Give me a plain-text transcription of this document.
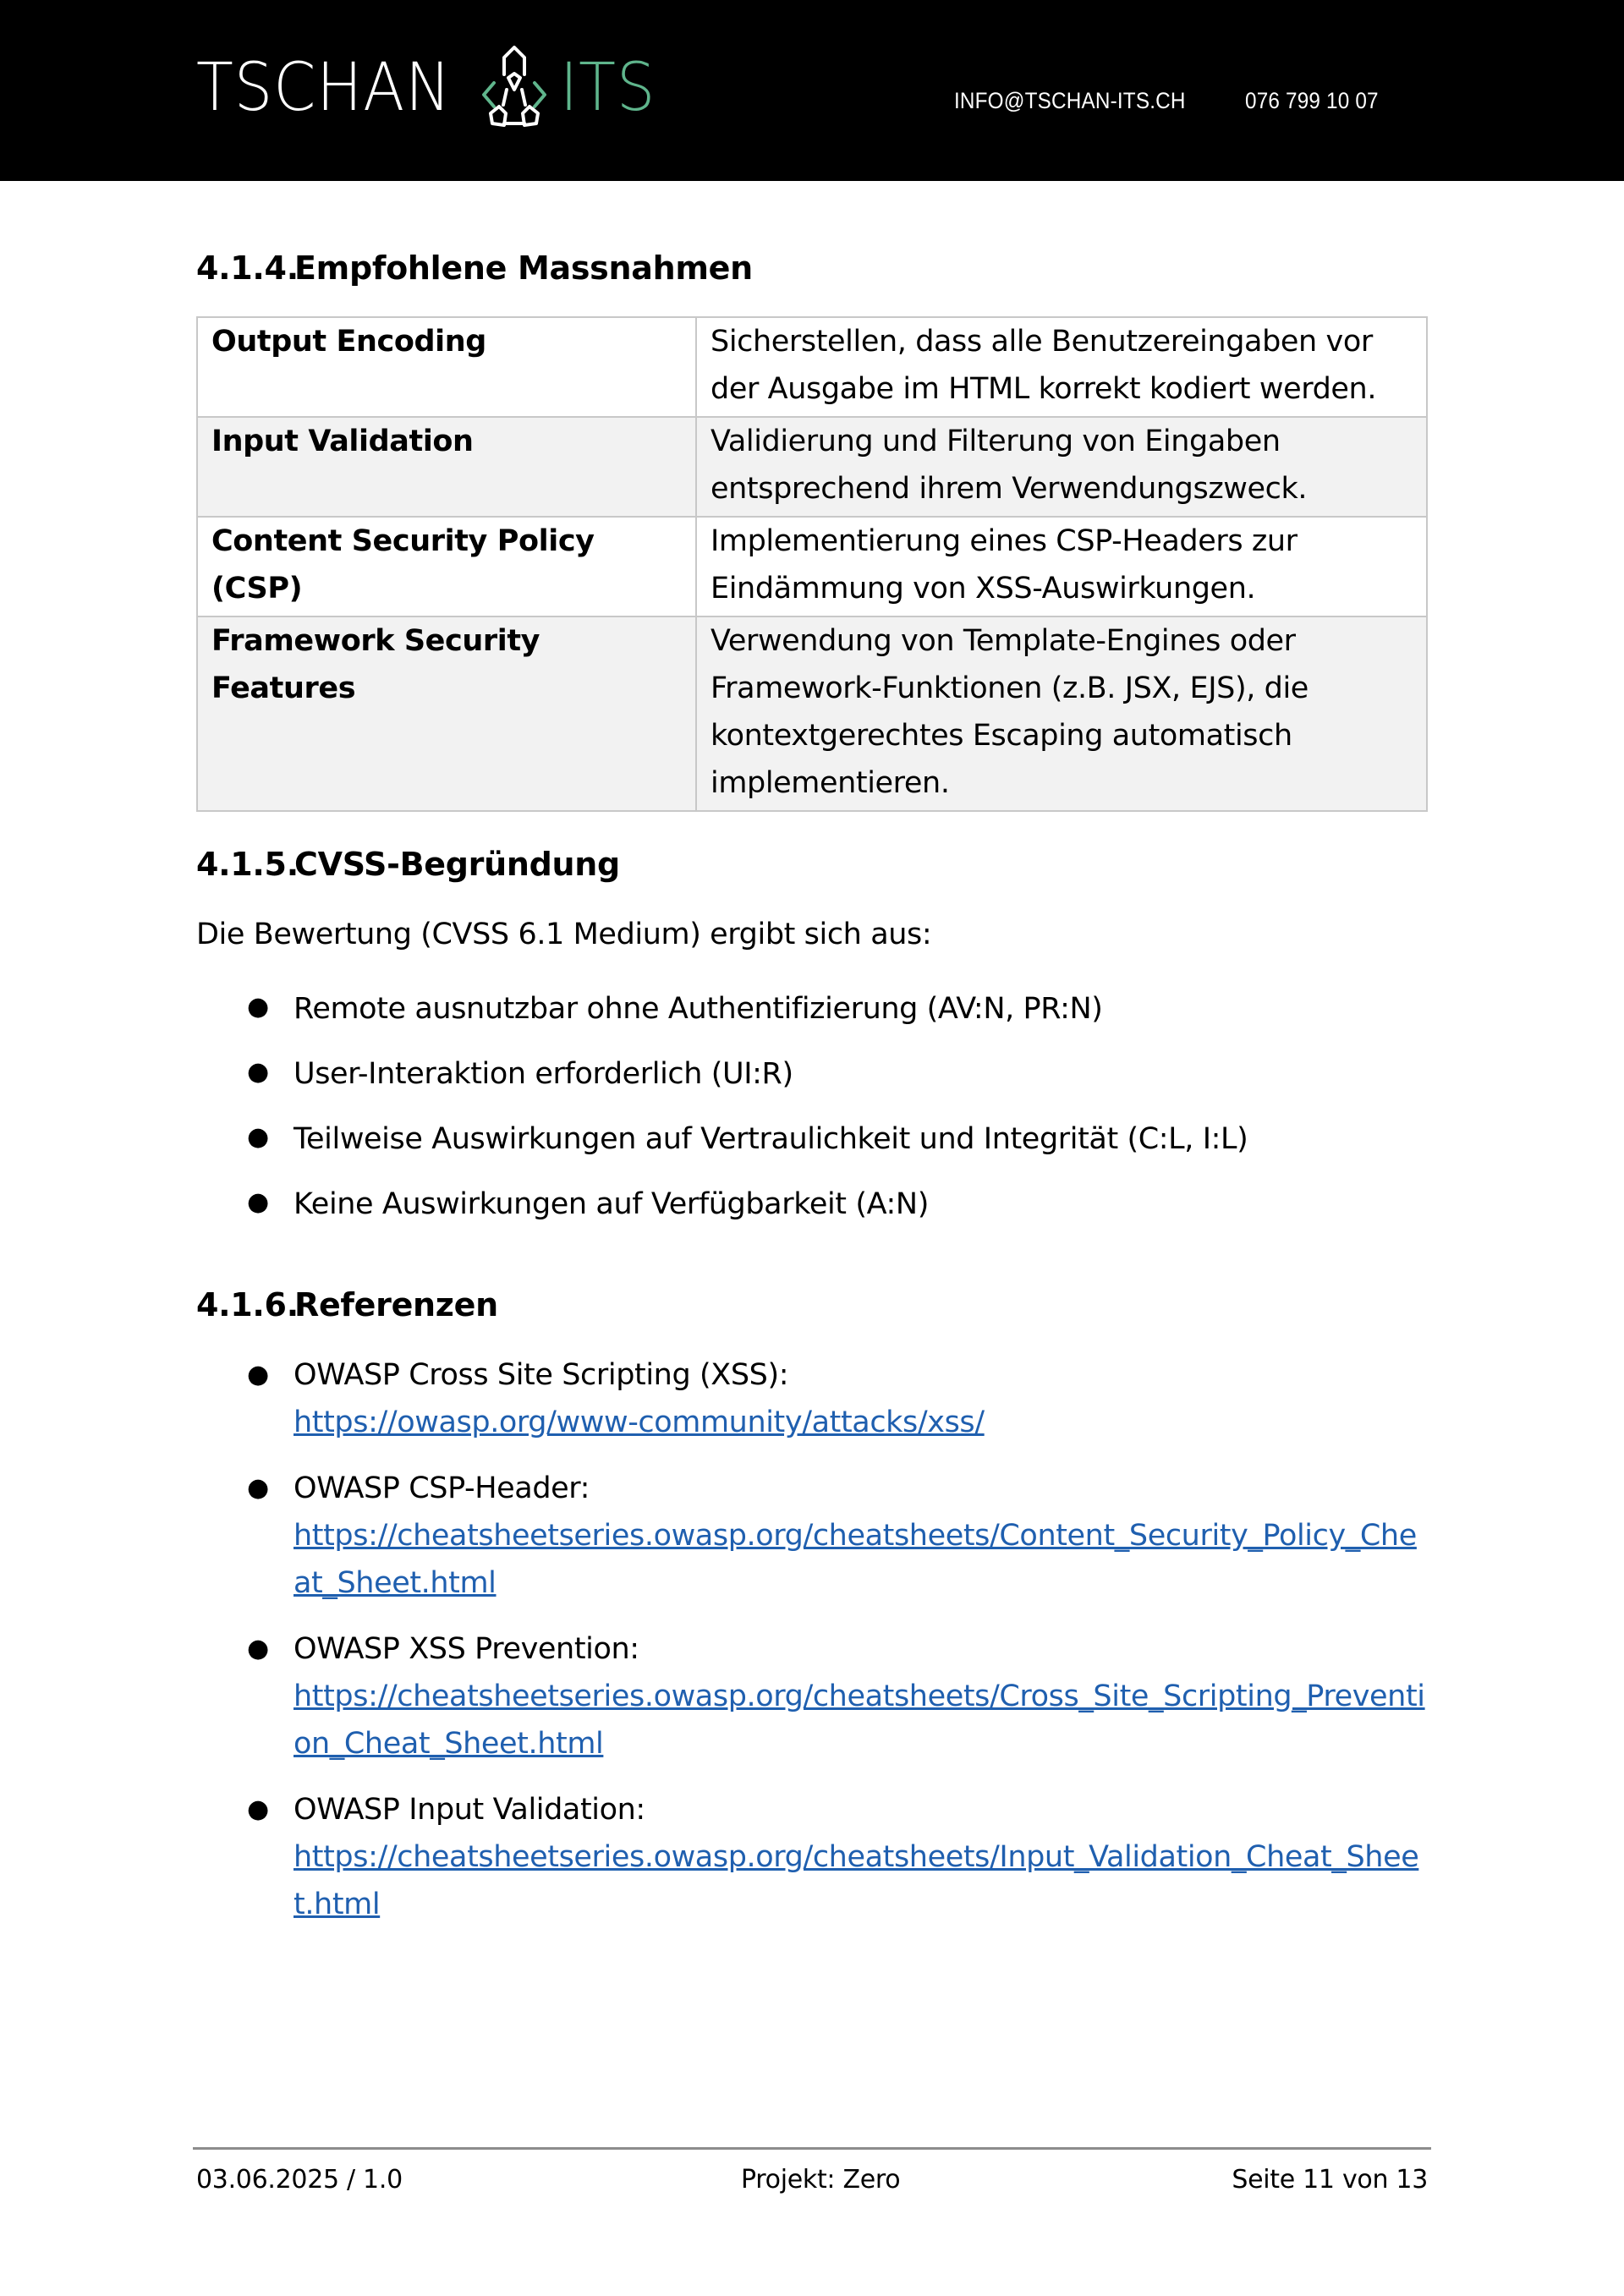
TSCHAN ITS	INFO@TSCHAN-ITS.CH	076 799 10 07
4.1.4.Empfohlene Massnahmen
Output Encoding	Sicherstellen, dass alle Benutzereingaben vor der Ausgabe im HTML korrekt kodiert werden.
Input Validation	Validierung und Filterung von Eingaben entsprechend ihrem Verwendungszweck.
Content Security Policy (CSP)	Implementierung eines CSP-Headers zur Eindämmung von XSS-Auswirkungen.
Framework Security Features	Verwendung von Template-Engines oder Framework-Funktionen (z.B. JSX, EJS), die kontextgerechtes Escaping automatisch implementieren.
4.1.5.CVSS-Begründung

Die Bewertung (CVSS 6.1 Medium) ergibt sich aus:

● Remote ausnutzbar ohne Authentifizierung (AV:N, PR:N)
● User-Interaktion erforderlich (UI:R)
● Teilweise Auswirkungen auf Vertraulichkeit und Integrität (C:L, I:L)
● Keine Auswirkungen auf Verfügbarkeit (A:N)
4.1.6.Referenzen
● OWASP Cross Site Scripting (XSS):
https://owasp.org/www-community/attacks/xss/
● OWASP CSP-Header:
https://cheatsheetseries.owasp.org/cheatsheets/Content_Security_Policy_Cheat_Sheet.html
● OWASP XSS Prevention:
https://cheatsheetseries.owasp.org/cheatsheets/Cross_Site_Scripting_Prevention_Cheat_Sheet.html
● OWASP Input Validation:
https://cheatsheetseries.owasp.org/cheatsheets/Input_Validation_Cheat_Sheet.html
03.06.2025 / 1.0	Projekt: Zero	Seite 11 von 13
